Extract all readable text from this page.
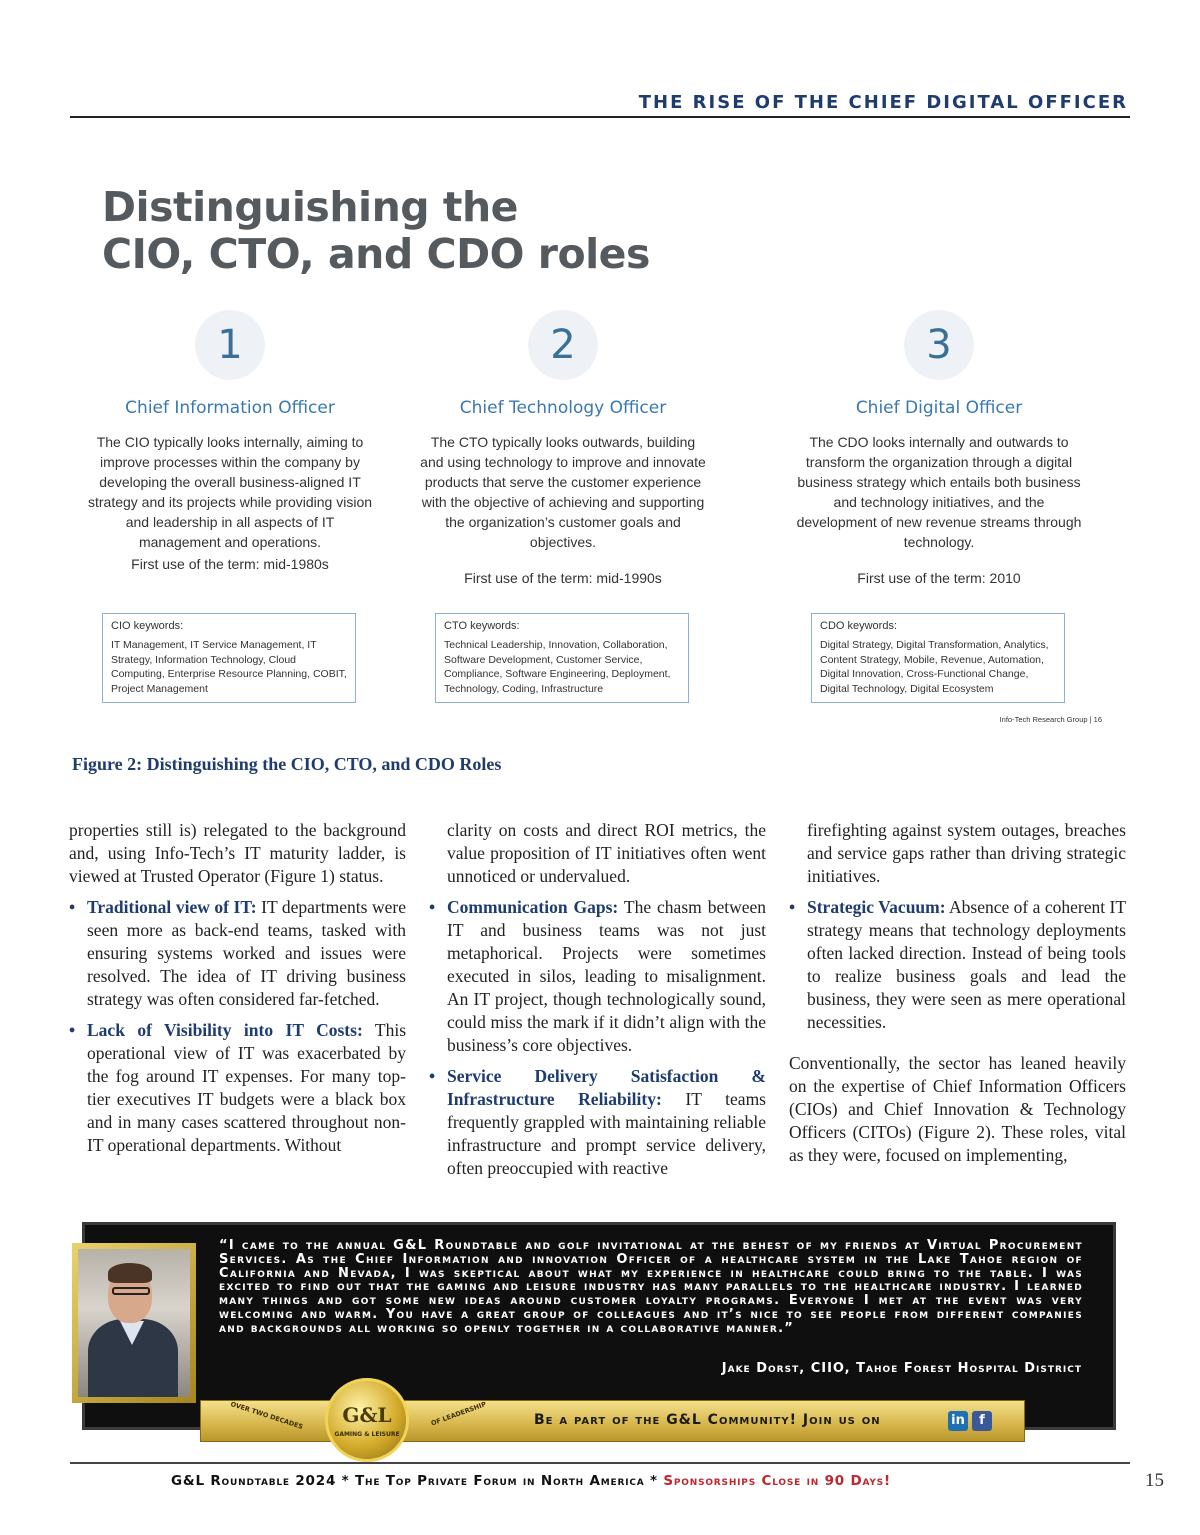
THE RISE OF THE CHIEF DIGITAL OFFICER
Distinguishing the
CIO, CTO, and CDO roles
1
Chief Information Officer
The CIO typically looks internally, aiming to improve processes within the company by developing the overall business-aligned IT strategy and its projects while providing vision and leadership in all aspects of IT management and operations.
First use of the term: mid-1980s
CIO keywords:
IT Management, IT Service Management, IT Strategy, Information Technology, Cloud Computing, Enterprise Resource Planning, COBIT, Project Management
2
Chief Technology Officer
The CTO typically looks outwards, building and using technology to improve and innovate products that serve the customer experience with the objective of achieving and supporting the organization’s customer goals and objectives.
First use of the term: mid-1990s
CTO keywords:
Technical Leadership, Innovation, Collaboration, Software Development, Customer Service, Compliance, Software Engineering, Deployment, Technology, Coding, Infrastructure
3
Chief Digital Officer
The CDO looks internally and outwards to transform the organization through a digital business strategy which entails both business and technology initiatives, and the development of new revenue streams through technology.
First use of the term: 2010
CDO keywords:
Digital Strategy, Digital Transformation, Analytics, Content Strategy, Mobile, Revenue, Automation, Digital Innovation, Cross-Functional Change, Digital Technology, Digital Ecosystem
Info-Tech Research Group | 16
Figure 2: Distinguishing the CIO, CTO, and CDO Roles

properties still is) relegated to the background and, using Info-Tech’s IT maturity ladder, is viewed at Trusted Operator (Figure 1) status.

• Traditional view of IT: IT departments were seen more as back-end teams, tasked with ensuring systems worked and issues were resolved. The idea of IT driving business strategy was often considered far-fetched.
• Lack of Visibility into IT Costs: This operational view of IT was exacerbated by the fog around IT expenses. For many top-tier executives IT budgets were a black box and in many cases scattered throughout non-IT operational departments. Without

clarity on costs and direct ROI metrics, the value proposition of IT initiatives often went unnoticed or undervalued.

• Communication Gaps: The chasm between IT and business teams was not just metaphorical. Projects were sometimes executed in silos, leading to misalignment. An IT project, though technologically sound, could miss the mark if it didn’t align with the business’s core objectives.
• Service Delivery Satisfaction & Infrastructure Reliability: IT teams frequently grappled with maintaining reliable infrastructure and prompt service delivery, often preoccupied with reactive

firefighting against system outages, breaches and service gaps rather than driving strategic initiatives.

• Strategic Vacuum: Absence of a coherent IT strategy means that technology deployments often lacked direction. Instead of being tools to realize business goals and lead the business, they were seen as mere operational necessities.

Conventionally, the sector has leaned heavily on the expertise of Chief Information Officers (CIOs) and Chief Innovation & Technology Officers (CITOs) (Figure 2). These roles, vital as they were, focused on implementing,

“I came to the annual G&L Roundtable and golf invitational at the behest of my friends at Virtual Procurement Services. As the Chief Information and innovation Officer of a healthcare system in the Lake Tahoe region of California and Nevada, I was skeptical about what my experience in healthcare could bring to the table. I was excited to find out that the gaming and leisure industry has many parallels to the healthcare industry. I learned many things and got some new ideas around customer loyalty programs. Everyone I met at the event was very welcoming and warm. You have a great group of colleagues and it’s nice to see people from different companies and backgrounds all working so openly together in a collaborative manner.”
Jake Dorst, CIIO, Tahoe Forest Hospital District
OVER TWO DECADES	OF LEADERSHIP
G&L
GAMING & LEISURE
Be a part of the G&L Community! Join us on	in	f
G&L Roundtable 2024 * The Top Private Forum in North America * Sponsorships Close in 90 Days!	15
